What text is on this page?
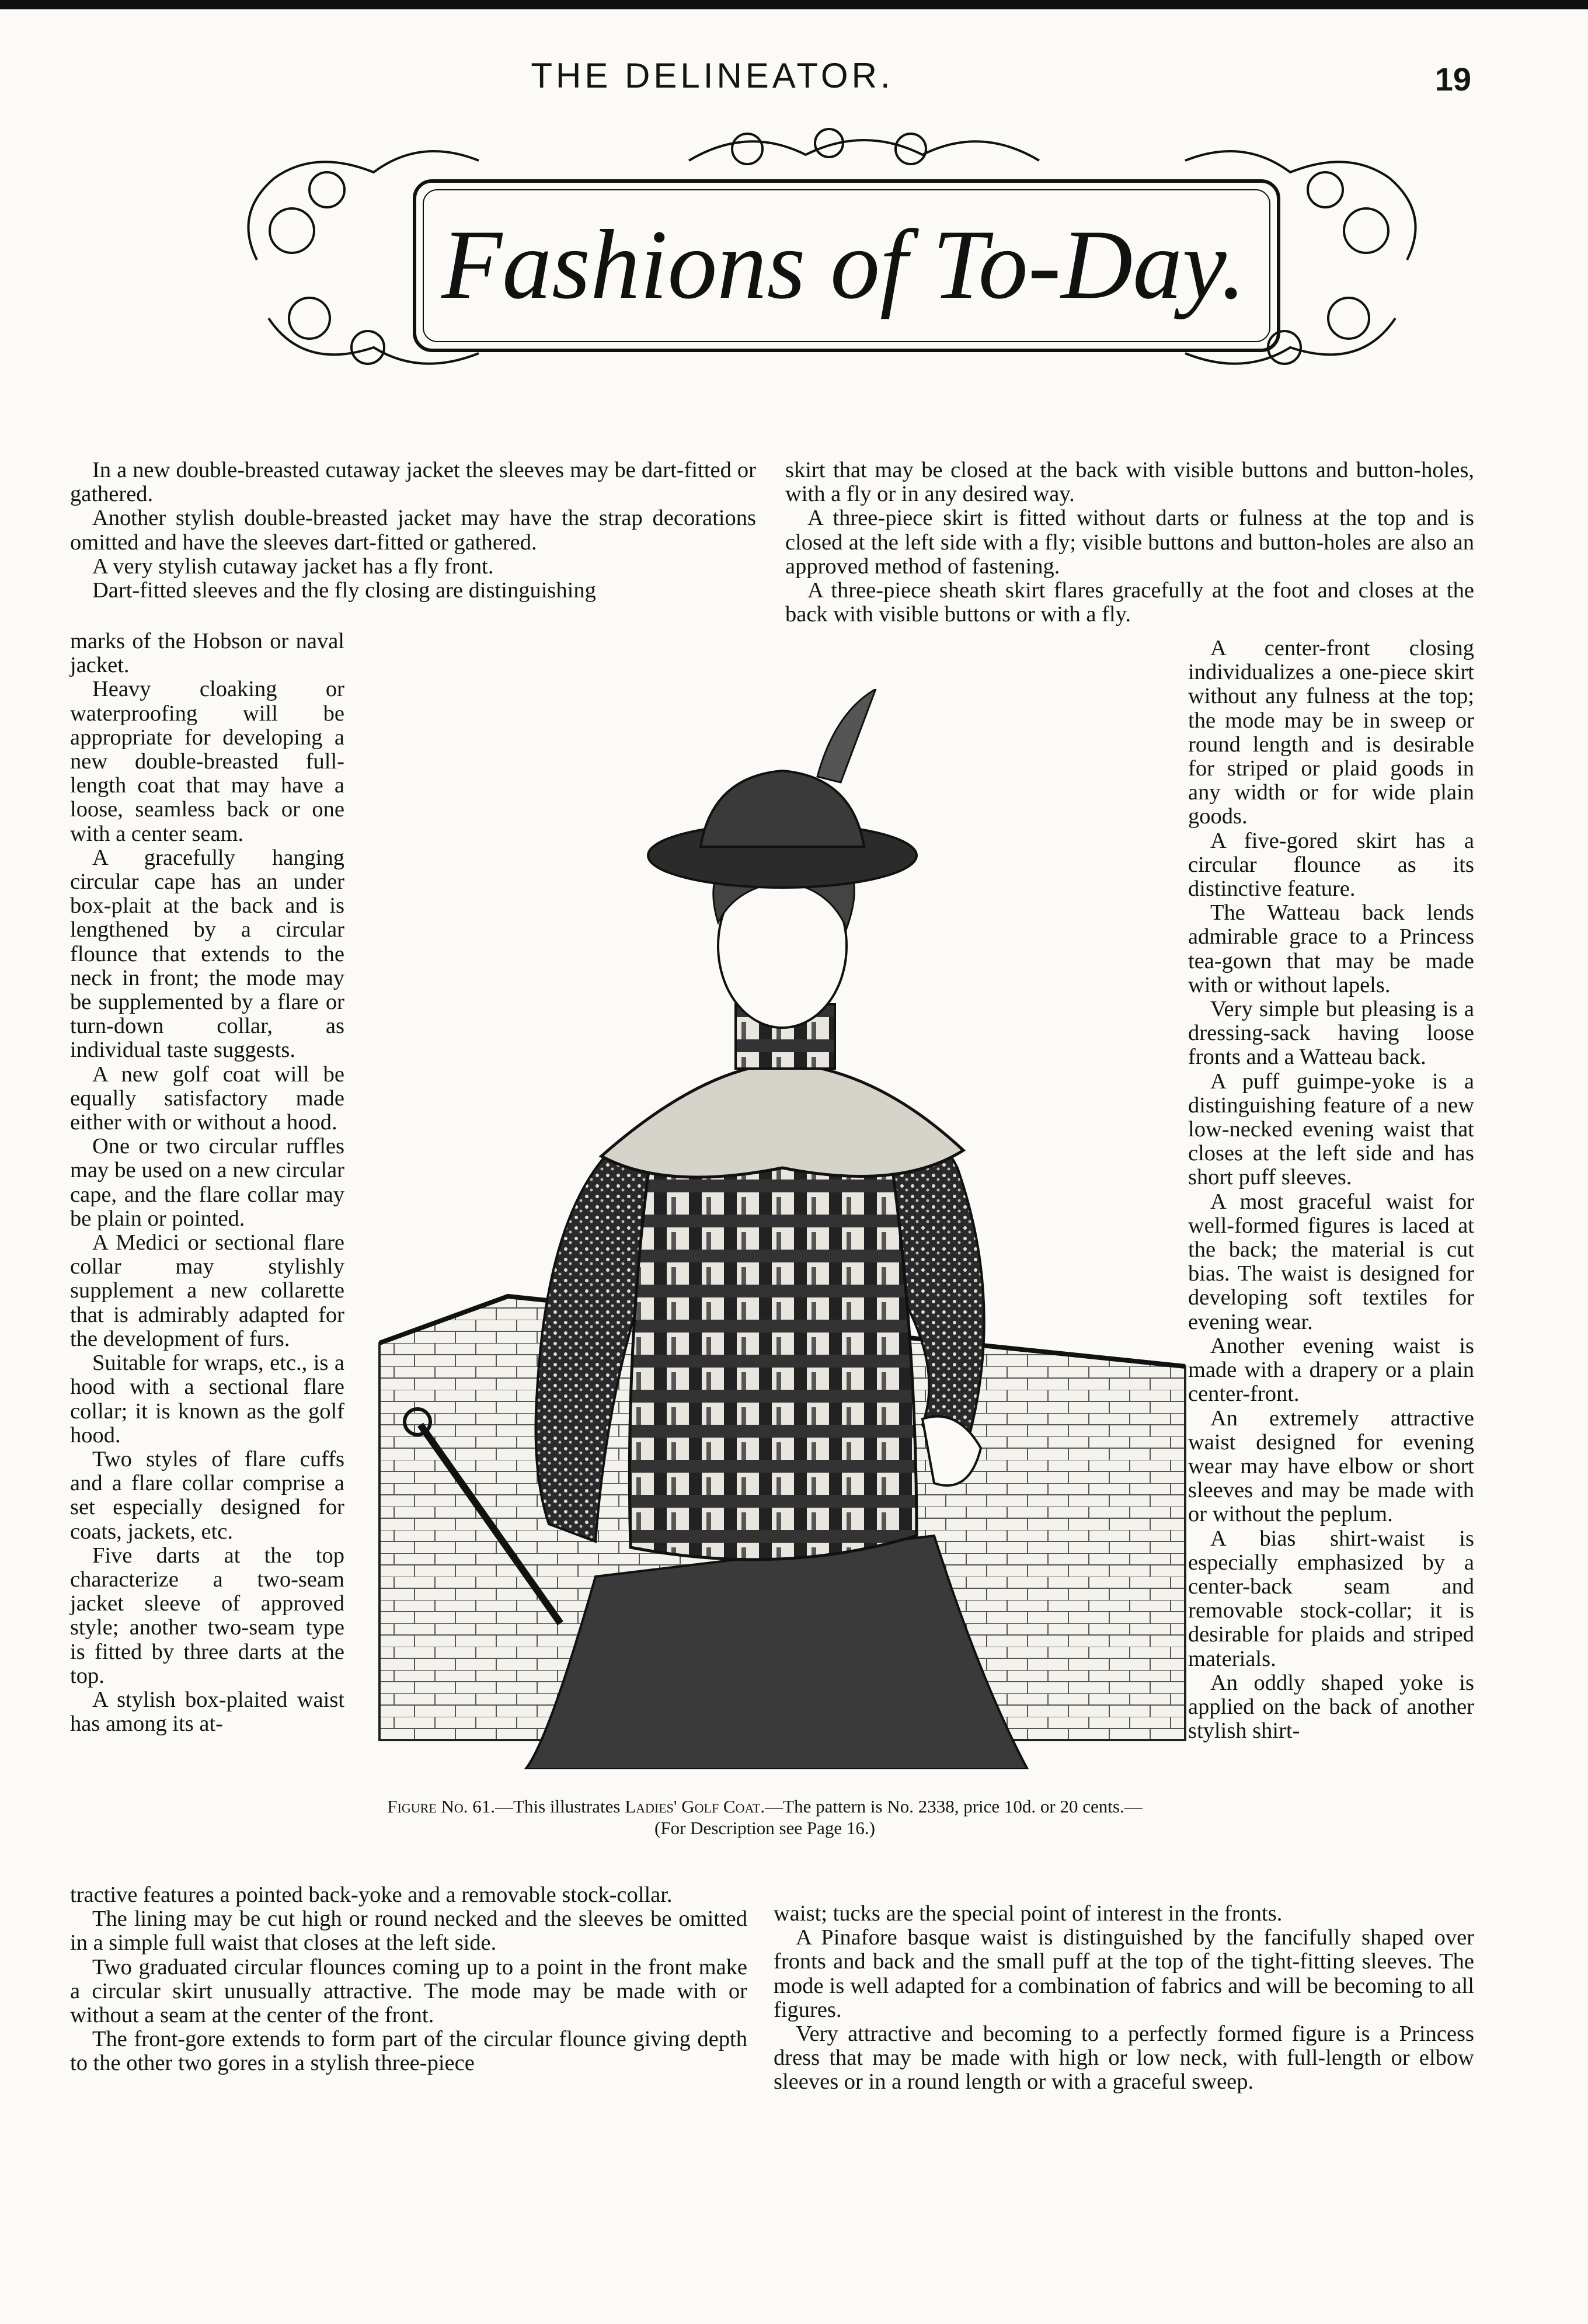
THE DELINEATOR.	19
Fashions of To-Day.

In a new double-breasted cutaway jacket the sleeves may be dart-fitted or gathered.

Another stylish double-breasted jacket may have the strap decorations omitted and have the sleeves dart-fitted or gathered.

A very stylish cutaway jacket has a fly front.

Dart-fitted sleeves and the fly closing are distinguishing

marks of the Hobson or naval jacket.

Heavy cloaking or waterproofing will be appropriate for developing a new double-breasted full-length coat that may have a loose, seamless back or one with a center seam.

A gracefully hanging circular cape has an under box-plait at the back and is lengthened by a circular flounce that extends to the neck in front; the mode may be supplemented by a flare or turn-down collar, as individual taste suggests.

A new golf coat will be equally satisfactory made either with or without a hood.

One or two circular ruffles may be used on a new circular cape, and the flare collar may be plain or pointed.

A Medici or sectional flare collar may stylishly supplement a new collarette that is admirably adapted for the development of furs.

Suitable for wraps, etc., is a hood with a sectional flare collar; it is known as the golf hood.

Two styles of flare cuffs and a flare collar comprise a set especially designed for coats, jackets, etc.

Five darts at the top characterize a two-seam jacket sleeve of approved style; another two-seam type is fitted by three darts at the top.

A stylish box-plaited waist has among its at-

tractive features a pointed back-yoke and a removable stock-collar.

The lining may be cut high or round necked and the sleeves be omitted in a simple full waist that closes at the left side.

Two graduated circular flounces coming up to a point in the front make a circular skirt unusually attractive. The mode may be made with or without a seam at the center of the front.

The front-gore extends to form part of the circular flounce giving depth to the other two gores in a stylish three-piece

skirt that may be closed at the back with visible buttons and button-holes, with a fly or in any desired way.

A three-piece skirt is fitted without darts or fulness at the top and is closed at the left side with a fly; visible buttons and button-holes are also an approved method of fastening.

A three-piece sheath skirt flares gracefully at the foot and closes at the back with visible buttons or with a fly.

A center-front closing individualizes a one-piece skirt without any fulness at the top; the mode may be in sweep or round length and is desirable for striped or plaid goods in any width or for wide plain goods.

A five-gored skirt has a circular flounce as its distinctive feature.

The Watteau back lends admirable grace to a Princess tea-gown that may be made with or without lapels.

Very simple but pleasing is a dressing-sack having loose fronts and a Watteau back.

A puff guimpe-yoke is a distinguishing feature of a new low-necked evening waist that closes at the left side and has short puff sleeves.

A most graceful waist for well-formed figures is laced at the back; the material is cut bias. The waist is designed for developing soft textiles for evening wear.

Another evening waist is made with a drapery or a plain center-front.

An extremely attractive waist designed for evening wear may have elbow or short sleeves and may be made with or without the peplum.

A bias shirt-waist is especially emphasized by a center-back seam and removable stock-collar; it is desirable for plaids and striped materials.

An oddly shaped yoke is applied on the back of another stylish shirt-

waist; tucks are the special point of interest in the fronts.

A Pinafore basque waist is distinguished by the fancifully shaped over fronts and back and the small puff at the top of the tight-fitting sleeves. The mode is well adapted for a combination of fabrics and will be becoming to all figures.

Very attractive and becoming to a perfectly formed figure is a Princess dress that may be made with high or low neck, with full-length or elbow sleeves or in a round length or with a graceful sweep.

Figure No. 61.—This illustrates Ladies' Golf Coat.—The pattern is No. 2338, price 10d. or 20 cents.—(For Description see Page 16.)
